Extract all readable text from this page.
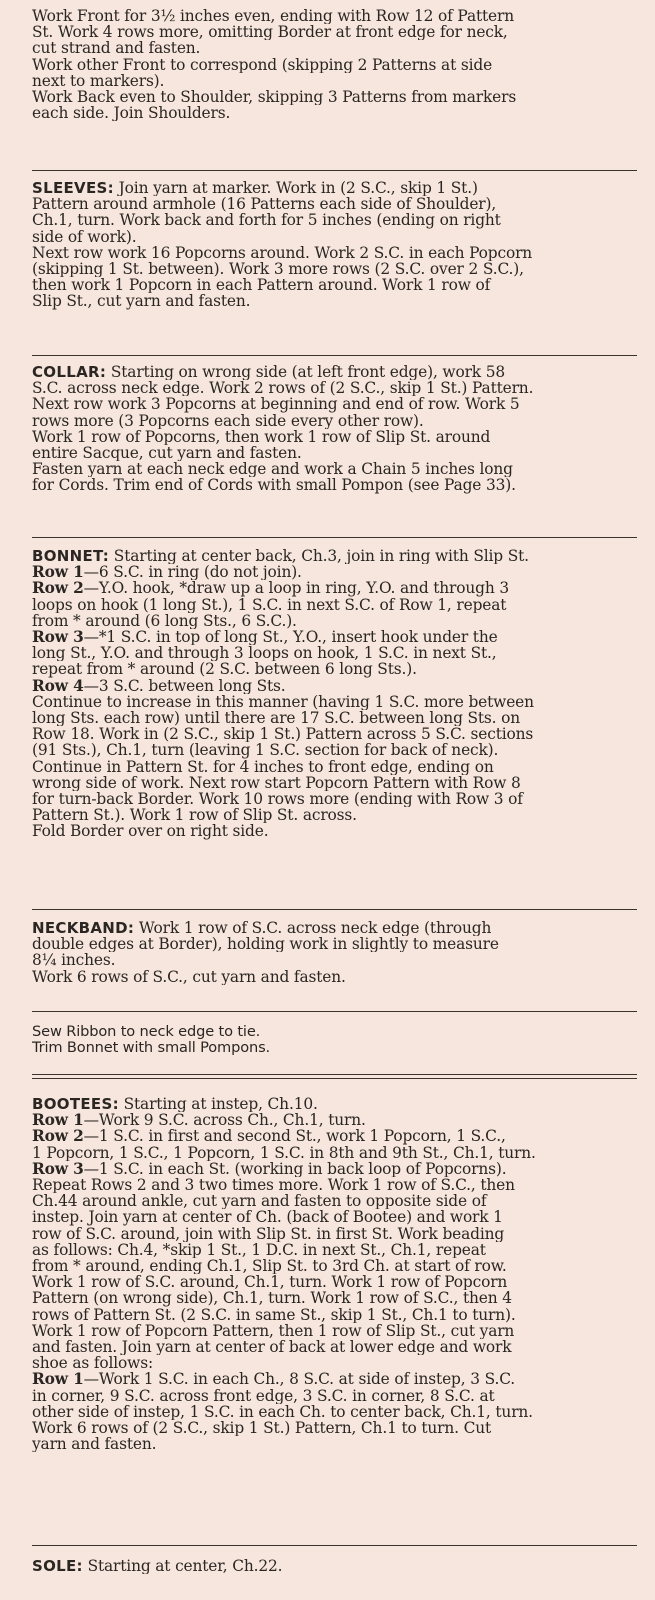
Work Front for 3½ inches even, ending with Row 12 of Pattern
St. Work 4 rows more, omitting Border at front edge for neck,
cut strand and fasten.
Work other Front to correspond (skipping 2 Patterns at side
next to markers).
Work Back even to Shoulder, skipping 3 Patterns from markers
each side. Join Shoulders.

SLEEVES: Join yarn at marker. Work in (2 S.C., skip 1 St.)
Pattern around armhole (16 Patterns each side of Shoulder),
Ch.1, turn. Work back and forth for 5 inches (ending on right
side of work).
Next row work 16 Popcorns around. Work 2 S.C. in each Popcorn
(skipping 1 St. between). Work 3 more rows (2 S.C. over 2 S.C.),
then work 1 Popcorn in each Pattern around. Work 1 row of
Slip St., cut yarn and fasten.

COLLAR: Starting on wrong side (at left front edge), work 58
S.C. across neck edge. Work 2 rows of (2 S.C., skip 1 St.) Pattern.
Next row work 3 Popcorns at beginning and end of row. Work 5
rows more (3 Popcorns each side every other row).
Work 1 row of Popcorns, then work 1 row of Slip St. around
entire Sacque, cut yarn and fasten.
Fasten yarn at each neck edge and work a Chain 5 inches long
for Cords. Trim end of Cords with small Pompon (see Page 33).

BONNET: Starting at center back, Ch.3, join in ring with Slip St.
Row 1—6 S.C. in ring (do not join).
Row 2—Y.O. hook, *draw up a loop in ring, Y.O. and through 3
loops on hook (1 long St.), 1 S.C. in next S.C. of Row 1, repeat
from * around (6 long Sts., 6 S.C.).
Row 3—*1 S.C. in top of long St., Y.O., insert hook under the
long St., Y.O. and through 3 loops on hook, 1 S.C. in next St.,
repeat from * around (2 S.C. between 6 long Sts.).
Row 4—3 S.C. between long Sts.
Continue to increase in this manner (having 1 S.C. more between
long Sts. each row) until there are 17 S.C. between long Sts. on
Row 18. Work in (2 S.C., skip 1 St.) Pattern across 5 S.C. sections
(91 Sts.), Ch.1, turn (leaving 1 S.C. section for back of neck).
Continue in Pattern St. for 4 inches to front edge, ending on
wrong side of work. Next row start Popcorn Pattern with Row 8
for turn-back Border. Work 10 rows more (ending with Row 3 of
Pattern St.). Work 1 row of Slip St. across.
Fold Border over on right side.

NECKBAND: Work 1 row of S.C. across neck edge (through
double edges at Border), holding work in slightly to measure
8¼ inches.
Work 6 rows of S.C., cut yarn and fasten.

Sew Ribbon to neck edge to tie.
Trim Bonnet with small Pompons.

BOOTEES: Starting at instep, Ch.10.
Row 1—Work 9 S.C. across Ch., Ch.1, turn.
Row 2—1 S.C. in first and second St., work 1 Popcorn, 1 S.C.,
1 Popcorn, 1 S.C., 1 Popcorn, 1 S.C. in 8th and 9th St., Ch.1, turn.
Row 3—1 S.C. in each St. (working in back loop of Popcorns).
Repeat Rows 2 and 3 two times more. Work 1 row of S.C., then
Ch.44 around ankle, cut yarn and fasten to opposite side of
instep. Join yarn at center of Ch. (back of Bootee) and work 1
row of S.C. around, join with Slip St. in first St. Work beading
as follows: Ch.4, *skip 1 St., 1 D.C. in next St., Ch.1, repeat
from * around, ending Ch.1, Slip St. to 3rd Ch. at start of row.
Work 1 row of S.C. around, Ch.1, turn. Work 1 row of Popcorn
Pattern (on wrong side), Ch.1, turn. Work 1 row of S.C., then 4
rows of Pattern St. (2 S.C. in same St., skip 1 St., Ch.1 to turn).
Work 1 row of Popcorn Pattern, then 1 row of Slip St., cut yarn
and fasten. Join yarn at center of back at lower edge and work
shoe as follows:
Row 1—Work 1 S.C. in each Ch., 8 S.C. at side of instep, 3 S.C.
in corner, 9 S.C. across front edge, 3 S.C. in corner, 8 S.C. at
other side of instep, 1 S.C. in each Ch. to center back, Ch.1, turn.
Work 6 rows of (2 S.C., skip 1 St.) Pattern, Ch.1 to turn. Cut
yarn and fasten.

SOLE: Starting at center, Ch.22.
